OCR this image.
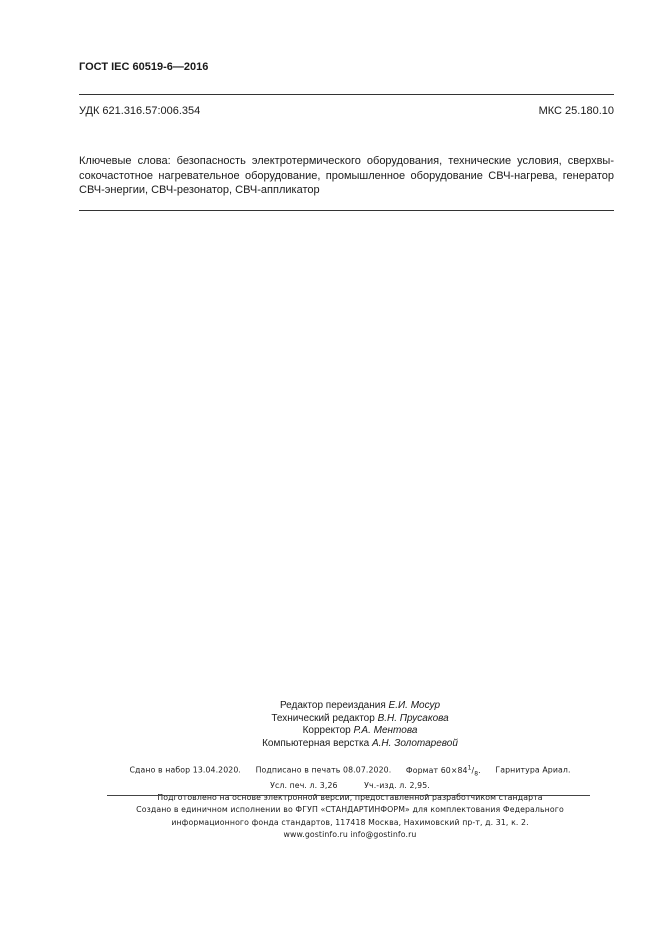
ГОСТ IEC 60519-6—2016
УДК 621.316.57:006.354	МКС 25.180.10
Ключевые слова: безопасность электротермического оборудования, технические условия, сверхвы-
сокочастотное нагревательное оборудование, промышленное оборудование СВЧ-нагрева, генератор
СВЧ-энергии, СВЧ-резонатор, СВЧ-аппликатор
Редактор переиздания Е.И. Мосур
Технический редактор В.Н. Прусакова
Корректор Р.А. Ментова
Компьютерная верстка А.Н. Золотаревой
Сдано в набор 13.04.2020. Подписано в печать 08.07.2020. Формат $60\times 84^1/_8$. Гарнитура Ариал.
Усл. печ. л. 3,26	Уч.-изд. л. 2,95.
Подготовлено на основе электронной версии, предоставленной разработчиком стандарта
Создано в единичном исполнении во ФГУП «СТАНДАРТИНФОРМ» для комплектования Федерального
информационного фонда стандартов, 117418 Москва, Нахимовский пр-т, д. 31, к. 2.
www.gostinfo.ru info@gostinfo.ru
